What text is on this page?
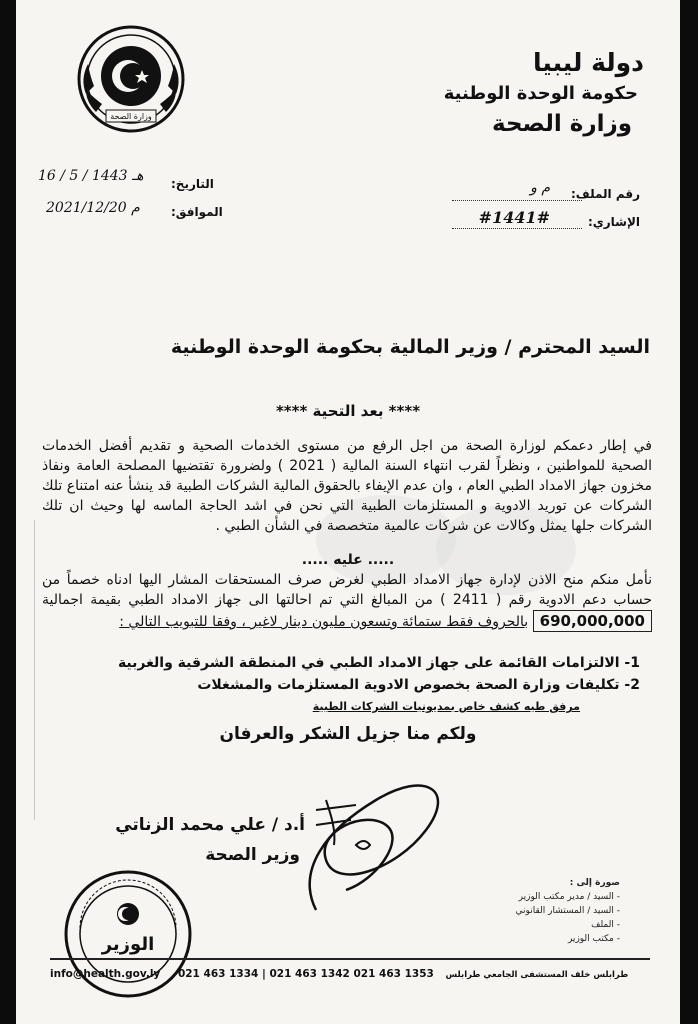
وزارة الصحة
دولة ليبيا
حكومة الوحدة الوطنية
وزارة الصحة
التاريخ:
16 / 5 / 1443 هـ
الموافق:
2021/12/20 م
رقم الملف:
م و
الإشاري:
#1441#
السيد المحترم / وزير المالية بحكومة الوحدة الوطنية
**** بعد التحية ****
في إطار دعمكم لوزارة الصحة من اجل الرفع من مستوى الخدمات الصحية و تقديم أفضل الخدمات الصحية للمواطنين ، ونظراً لقرب انتهاء السنة المالية ( 2021 ) ولضرورة تقتضيها المصلحة العامة ونفاذ مخزون جهاز الامداد الطبي العام ، وان عدم الإيفاء بالحقوق المالية الشركات الطبية قد ينشأ عنه امتناع تلك الشركات عن توريد الادوية و المستلزمات الطبية التي نحن في اشد الحاجة الماسه لها وحيث ان تلك الشركات جلها يمثل وكالات عن شركات عالمية متخصصة في الشأن الطبي .
..... عليه .....
نأمل منكم منح الاذن لإدارة جهاز الامداد الطبي لغرض صرف المستحقات المشار اليها ادناه خصماً من حساب دعم الادوية رقم ( 2411 ) من المبالغ التي تم احالتها الى جهاز الامداد الطبي بقيمة اجمالية 690,000,000 بالحروف فقط ستمائة وتسعون مليون دينار لاغير ، وفقا للتبويب التالي :
1- الالتزامات القائمة على جهاز الامداد الطبي في المنطقة الشرقية والغربية
2- تكليفات وزارة الصحة بخصوص الادوية المستلزمات والمشغلات
مرفق طيه كشف خاص بمديونيات الشركات الطبية
ولكم منا جزيل الشكر والعرفان
أ.د / علي محمد الزناتي
وزير الصحة
الوزير
صورة إلى :
- السيد / مدير مكتب الوزير
- السيد / المستشار القانوني
- الملف
- مكتب الوزير
info@health.gov.ly 021 463 1334 | 021 463 1342 021 463 1353 طرابلس خلف المستشفى الجامعي طرابلس
